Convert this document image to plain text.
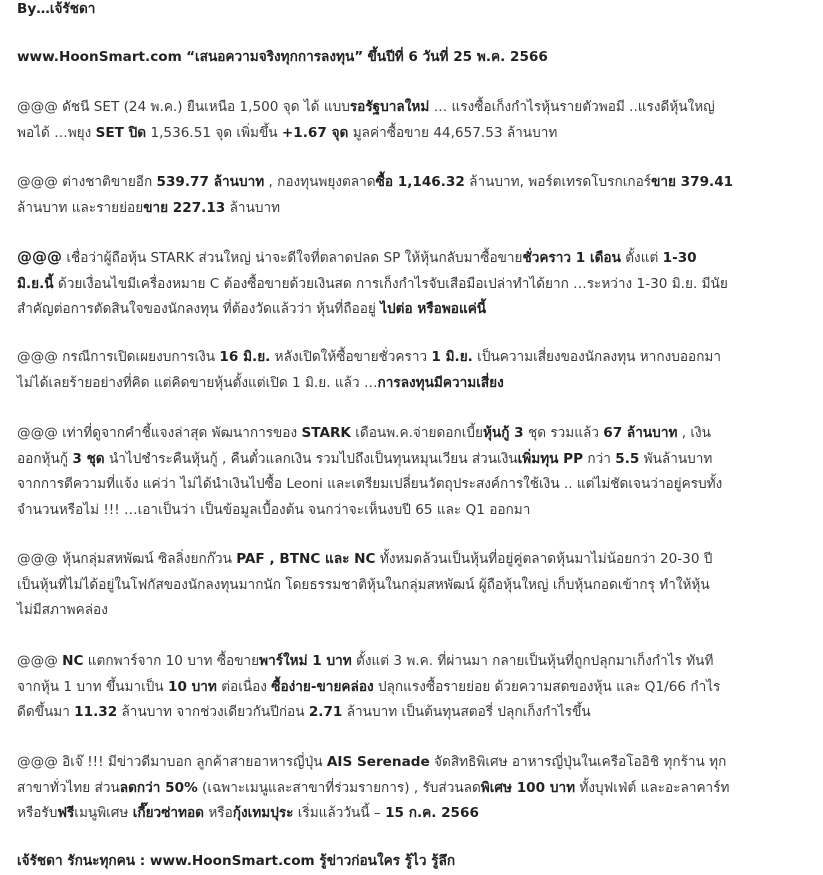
By…เจ้รัชดา

www.HoonSmart.com “เสนอความจริงทุกการลงทุน” ขึ้นปีที่ 6 วันที่ 25 พ.ค. 2566

@@@ ดัชนี SET (24 พ.ค.) ยืนเหนือ 1,500 จุด ได้ แบบรอรัฐบาลใหม่ … แรงซื้อเก็งกำไรหุ้นรายตัวพอมี ..แรงดีหุ้นใหญ่

พอได้ …พยุง SET ปิด 1,536.51 จุด เพิ่มขึ้น +1.67 จุด มูลค่าซื้อขาย 44,657.53 ล้านบาท

@@@ ต่างชาติขายอีก 539.77 ล้านบาท , กองทุนพยุงตลาดซื้อ 1,146.32 ล้านบาท, พอร์ตเทรดโบรกเกอร์ขาย 379.41

ล้านบาท และรายย่อยขาย 227.13 ล้านบาท

@@@ เชื่อว่าผู้ถือหุ้น STARK ส่วนใหญ่ น่าจะดีใจที่ตลาดปลด SP ให้หุ้นกลับมาซื้อขายชั่วคราว 1 เดือน ตั้งแต่ 1-30

มิ.ย.นี้ ด้วยเงื่อนไขมีเครื่องหมาย C ต้องซื้อขายด้วยเงินสด การเก็งกำไรจับเสือมือเปล่าทำได้ยาก …ระหว่าง 1-30 มิ.ย. มีนัย

สำคัญต่อการตัดสินใจของนักลงทุน ที่ต้องวัดแล้วว่า หุ้นที่ถืออยู่ ไปต่อ หรือพอแค่นี้

@@@ กรณีการเปิดเผยงบการเงิน 16 มิ.ย. หลังเปิดให้ซื้อขายชั่วคราว 1 มิ.ย. เป็นความเสี่ยงของนักลงทุน หากงบออกมา

ไม่ได้เลยร้ายอย่างที่คิด แต่คิดขายหุ้นตั้งแต่เปิด 1 มิ.ย. แล้ว …การลงทุนมีความเสี่ยง

@@@ เท่าที่ดูจากคำชี้แจงล่าสุด พัฒนาการของ STARK เดือนพ.ค.จ่ายดอกเบี้ยหุ้นกู้ 3 ชุด รวมแล้ว 67 ล้านบาท , เงิน

ออกหุ้นกู้ 3 ชุด นำไปชำระคืนหุ้นกู้ , คืนตั๋วแลกเงิน รวมไปถึงเป็นทุนหมุนเวียน ส่วนเงินเพิ่มทุน PP กว่า 5.5 พันล้านบาท

จากการตีความที่แจ้ง แค่ว่า ไม่ได้นำเงินไปซื้อ Leoni และเตรียมเปลี่ยนวัตถุประสงค์การใช้เงิน .. แต่ไม่ชัดเจนว่าอยู่ครบทั้ง

จำนวนหรือไม่ !!! …เอาเป็นว่า เป็นข้อมูลเบื้องต้น จนกว่าจะเห็นงบปี 65 และ Q1 ออกมา

@@@ หุ้นกลุ่มสหพัฒน์ ซิลลิ่งยกก๊วน PAF , BTNC และ NC ทั้งหมดล้วนเป็นหุ้นที่อยู่คู่ตลาดหุ้นมาไม่น้อยกว่า 20-30 ปี

เป็นหุ้นที่ไม่ได้อยู่ในโฟกัสของนักลงทุนมากนัก โดยธรรมชาติหุ้นในกลุ่มสหพัฒน์ ผู้ถือหุ้นใหญ่ เก็บหุ้นกอดเข้ากรุ ทำให้หุ้น

ไม่มีสภาพคล่อง

@@@ NC แตกพาร์จาก 10 บาท ซื้อขายพาร์ใหม่ 1 บาท ตั้งแต่ 3 พ.ค. ที่ผ่านมา กลายเป็นหุ้นที่ถูกปลุกมาเก็งกำไร ทันที

จากหุ้น 1 บาท ขึ้นมาเป็น 10 บาท ต่อเนื่อง ซื้อง่าย-ขายคล่อง ปลุกแรงซื้อรายย่อย ด้วยความสดของหุ้น และ Q1/66 กำไร

ดีดขึ้นมา 11.32 ล้านบาท จากช่วงเดียวกันปีก่อน 2.71 ล้านบาท เป็นต้นทุนสตอรี่ ปลุกเก็งกำไรขึ้น

@@@ อิเจ๊ !!! มีข่าวดีมาบอก ลูกค้าสายอาหารญี่ปุ่น AIS Serenade จัดสิทธิพิเศษ อาหารญี่ปุ่นในเครือโออิชิ ทุกร้าน ทุก

สาขาทั่วไทย ส่วนลดกว่า 50% (เฉพาะเมนูและสาขาที่ร่วมรายการ) , รับส่วนลดพิเศษ 100 บาท ทั้งบุฟเฟ่ต์ และอะลาคาร์ท

หรือรับฟรีเมนูพิเศษ เกี๊ยวซ่าทอด หรือกุ้งเทมปุระ เริ่มแล้ววันนี้ – 15 ก.ค. 2566

เจ้รัชดา รักนะทุกคน : www.HoonSmart.com รู้ข่าวก่อนใคร รู้ไว รู้ลึก
